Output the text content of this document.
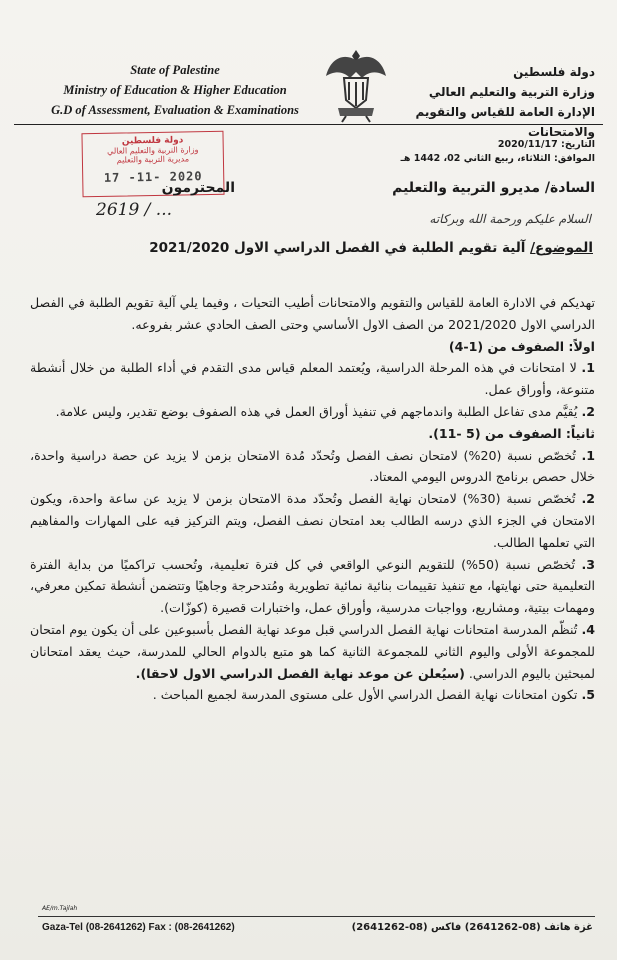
State of Palestine
Ministry of Education & Higher Education
G.D of Assessment, Evaluation & Examinations
دولة فلسطين
وزارة التربية والتعليم العالي
الإدارة العامة للقياس والتقويم والامتحانات
التاريخ: 2020/11/17
الموافق: الثلاثاء، ربيع الثاني 02، 1442 هـ
دولة فلسطين
وزارة التربية والتعليم العالي
مديرية التربية والتعليم
17 -11- 2020
2619 / ...
السادة/ مديرو التربية والتعليم
المحترمون
السلام عليكم ورحمة الله وبركاته
الموضوع/ آلية تقويم الطلبة في الفصل الدراسي الاول 2021/2020

تهديكم في الادارة العامة للقياس والتقويم والامتحانات أطيب التحيات ، وفيما يلي آلية تقويم الطلبة في الفصل الدراسي الاول 2021/2020 من الصف الاول الأساسي وحتى الصف الحادي عشر بفروعه.

اولاً: الصفوف من (1-4)

1. لا امتحانات في هذه المرحلة الدراسية، ويُعتمد المعلم قياس مدى التقدم في أداء الطلبة من خلال أنشطة متنوعة، وأوراق عمل.

2. يُقيَّم مدى تفاعل الطلبة واندماجهم في تنفيذ أوراق العمل في هذه الصفوف بوضع تقدير، وليس علامة.

ثانياً: الصفوف من (5 -11).

1. تُخصّص نسبة (20%) لامتحان نصف الفصل وتُحدّد مُدة الامتحان بزمن لا يزيد عن حصة دراسية واحدة، خلال حصص برنامج الدروس اليومي المعتاد.

2. تُخصّص نسبة (30%) لامتحان نهاية الفصل وتُحدّد مدة الامتحان بزمن لا يزيد عن ساعة واحدة، ويكون الامتحان في الجزء الذي درسه الطالب بعد امتحان نصف الفصل، ويتم التركيز فيه على المهارات والمفاهيم التي تعلمها الطالب.

3. تُخصّص نسبة (50%) للتقويم النوعي الواقعي في كل فترة تعليمية، وتُحسب تراكميًا من بداية الفترة التعليمية حتى نهايتها، مع تنفيذ تقييمات بنائية نمائية تطويرية ومُتدحرجة وجاهيًا وتتضمن أنشطة تمكين معرفي، ومهمات بيتية، ومشاريع، وواجبات مدرسية، وأوراق عمل، واختبارات قصيرة (كوزّات).

4. تُنظّم المدرسة امتحانات نهاية الفصل الدراسي قبل موعد نهاية الفصل بأسبوعين على أن يكون يوم امتحان للمجموعة الأولى واليوم الثاني للمجموعة الثانية كما هو متبع بالدوام الحالي للمدرسة، حيث يعقد امتحانان لمبحثين باليوم الدراسي. (سيُعلن عن موعد نهاية الفصل الدراسي الاول لاحقا).

5. تكون امتحانات نهاية الفصل الدراسي الأول على مستوى المدرسة لجميع المباحث .

AE/m.Tajlah
Gaza-Tel (08-2641262) Fax : (08-2641262)	غزة هاتف (08-2641262) فاكس (08-2641262)
